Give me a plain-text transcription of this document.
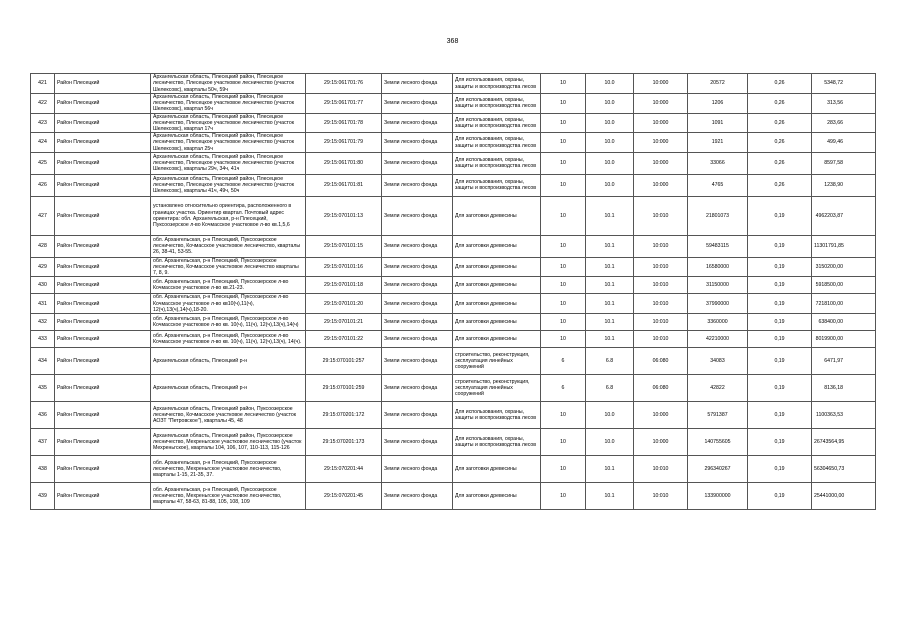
368
421	Район Плесецкий	Архангельская область, Плесецкий район, Плесецкое лесничество, Плесецкое участковое лесничество (участок Шелексовс), кварталы 50ч, 59ч	29:15:061701:76	Земли лесного фонда	Для использования, охраны, защиты и воспроизводства лесов	10	10.0	10:000	20572	0,26	5348,72
422	Район Плесецкий	Архангельская область, Плесецкий район, Плесецкое лесничество, Плесецкое участковое лесничество (участок Шелексовс), квартал 56ч	29:15:061701:77	Земли лесного фонда	Для использования, охраны, защиты и воспроизводства лесов	10	10.0	10:000	1206	0,26	313,56
423	Район Плесецкий	Архангельская область, Плесецкий район, Плесецкое лесничество, Плесецкое участковое лесничество (участок Шелексовс), квартал 17ч	29:15:061701:78	Земли лесного фонда	Для использования, охраны, защиты и воспроизводства лесов	10	10.0	10:000	1091	0,26	283,66
424	Район Плесецкий	Архангельская область, Плесецкий район, Плесецкое лесничество, Плесецкое участковое лесничество (участок Шелексовс), квартал 25ч	29:15:061701:79	Земли лесного фонда	Для использования, охраны, защиты и воспроизводства лесов	10	10.0	10:000	1921	0,26	499,46
425	Район Плесецкий	Архангельская область, Плесецкий район, Плесецкое лесничество, Плесецкое участковое лесничество (участок Шелексовс), кварталы 29ч, 34ч, 41ч	29:15:061701:80	Земли лесного фонда	Для использования, охраны, защиты и воспроизводства лесов	10	10.0	10:000	33066	0,26	8597,58
426	Район Плесецкий	Архангельская область, Плесецкий район, Плесецкое лесничество, Плесецкое участковое лесничество (участок Шелексовс), кварталы 41ч, 49ч, 50ч	29:15:061701:81	Земли лесного фонда	Для использования, охраны, защиты и воспроизводства лесов	10	10.0	10:000	4765	0,26	1238,90
427	Район Плесецкий	установлено относительно ориентира, расположенного в границах участка. Ориентир квартал. Почтовый адрес ориентира: обл. Архангельская, р-н Плесецкий, Пуксоозерское л-во Кочмасское участковое л-во кв.1,5,6	29:15:070101:13	Земли лесного фонда	Для заготовки древесины	10	10.1	10:010	21801073	0,19	4962203,87
428	Район Плесецкий	обл. Архангельская, р-н Плесецкий, Пуксоозерское лесничество, Кочмасское участковое лесничество, кварталы 26, 38-41, 53-55.	29:15:070101:15	Земли лесного фонда	Для заготовки древесины	10	10.1	10:010	59483115	0,19	11301791,85
429	Район Плесецкий	обл. Архангельская, р-н Плесецкий, Пуксоозерское лесничество, Кочмасское участковое лесничество кварталы 7, 8, 9.	29:15:070101:16	Земли лесного фонда	Для заготовки древесины	10	10.1	10:010	16580000	0,19	3150200,00
430	Район Плесецкий	обл. Архангельская, р-н Плесецкий, Пуксоозерское л-во Кочмасское участковое л-во кв.21-23.	29:15:070101:18	Земли лесного фонда	Для заготовки древесины	10	10.1	10:010	31150000	0,19	5918500,00
431	Район Плесецкий	обл. Архангельская, р-н Плесецкий, Пуксоозерское л-во Кочмасское участковое л-во кв10(ч),11(ч), 12(ч),13(ч),14(ч),18-20.	29:15:070101:20	Земли лесного фонда	Для заготовки древесины	10	10.1	10:010	37990000	0,19	7218100,00
432	Район Плесецкий	обл. Архангельская, р-н Плесецкий, Пуксоозерское л-во Кочмасское участковое л-во кв. 10(ч), 11(ч), 12(ч),13(ч),14(ч)	29:15:070101:21	Земли лесного фонда	Для заготовки древесины	10	10.1	10:010	3360000	0,19	638400,00
433	Район Плесецкий	обл. Архангельская, р-н Плесецкий, Пуксоозерское л-во Кочмасское участковое л-во кв. 10(ч), 11(ч), 12(ч),13(ч), 14(ч).	29:15:070101:22	Земли лесного фонда	Для заготовки древесины	10	10.1	10:010	42210000	0,19	8019900,00
434	Район Плесецкий	Архангельская область, Плесецкий р-н	29:15:070101:257	Земли лесного фонда	строительство, реконструкция, эксплуатация линейных сооружений	6	6.8	06:080	34083	0,19	6471,97
435	Район Плесецкий	Архангельская область, Плесецкий р-н	29:15:070101:259	Земли лесного фонда	строительство, реконструкция, эксплуатация линейных сооружений	6	6.8	06:080	42822	0,19	8136,18
436	Район Плесецкий	Архангельская область, Плесецкий район, Пуксоозерское лесничество, Кочмасское участковое лесничество (участок АОЗТ "Петровское"), кварталы 45, 48	29:15:070201:172	Земли лесного фонда	Для использования, охраны, защиты и воспроизводства лесов	10	10.0	10:000	5791387	0,19	1100363,53
437	Район Плесецкий	Архангельская область, Плесецкий район, Пуксоозерское лесничество, Мехреньгское участковое лесничество (участок Мехреньгское), кварталы 104, 106, 107, 110-113, 115-126	29:15:070201:173	Земли лесного фонда	Для использования, охраны, защиты и воспроизводства лесов	10	10.0	10:000	140755605	0,19	26743564,95
438	Район Плесецкий	обл. Архангельская, р-н Плесецкий, Пуксоозерское лесничество, Мехреньгское участковое лесничество, кварталы 1-15, 21-35, 37.	29:15:070201:44	Земли лесного фонда	Для заготовки древесины	10	10.1	10:010	296340267	0,19	56304650,73
439	Район Плесецкий	обл. Архангельская, р-н Плесецкий, Пуксоозерское лесничество, Мехреньгское участковое лесничество, кварталы 47, 58-63, 81-88, 105, 108, 109	29:15:070201:45	Земли лесного фонда	Для заготовки древесины	10	10.1	10:010	133900000	0,19	25441000,00
